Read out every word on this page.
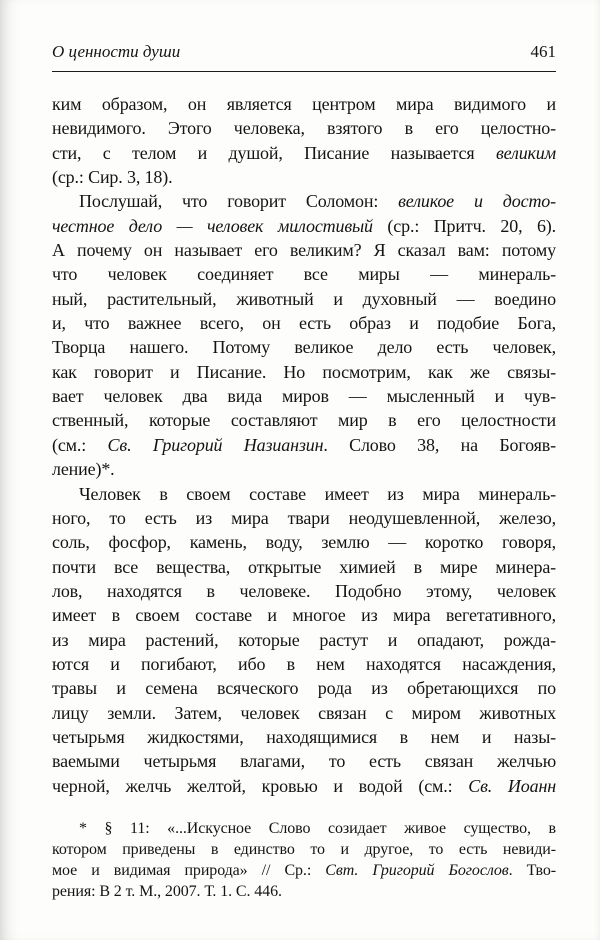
О ценности души	461
ким образом, он является центром мира видимого и
невидимого. Этого человека, взятого в его целостно-
сти, с телом и душой, Писание называется великим
(ср.: Сир. 3, 18).
Послушай, что говорит Соломон: великое и досто-
честное дело — человек милостивый (ср.: Притч. 20, 6).
А почему он называет его великим? Я сказал вам: потому
что человек соединяет все миры — минераль-
ный, растительный, животный и духовный — воедино
и, что важнее всего, он есть образ и подобие Бога,
Творца нашего. Потому великое дело есть человек,
как говорит и Писание. Но посмотрим, как же связы-
вает человек два вида миров — мысленный и чув-
ственный, которые составляют мир в его целостности
(см.: Св. Григорий Назианзин. Слово 38, на Богояв-
ление)*.
Человек в своем составе имеет из мира минераль-
ного, то есть из мира твари неодушевленной, железо,
соль, фосфор, камень, воду, землю — коротко говоря,
почти все вещества, открытые химией в мире минера-
лов, находятся в человеке. Подобно этому, человек
имеет в своем составе и многое из мира вегетативного,
из мира растений, которые растут и опадают, рожда-
ются и погибают, ибо в нем находятся насаждения,
травы и семена всяческого рода из обретающихся по
лицу земли. Затем, человек связан с миром животных
четырьмя жидкостями, находящимися в нем и назы-
ваемыми четырьмя влагами, то есть связан желчью
черной, желчь желтой, кровью и водой (см.: Св. Иоанн
* § 11: «...Искусное Слово созидает живое существо, в
котором приведены в единство то и другое, то есть невиди-
мое и видимая природа» // Ср.: Свт. Григорий Богослов. Тво-
рения: В 2 т. М., 2007. Т. 1. С. 446.
